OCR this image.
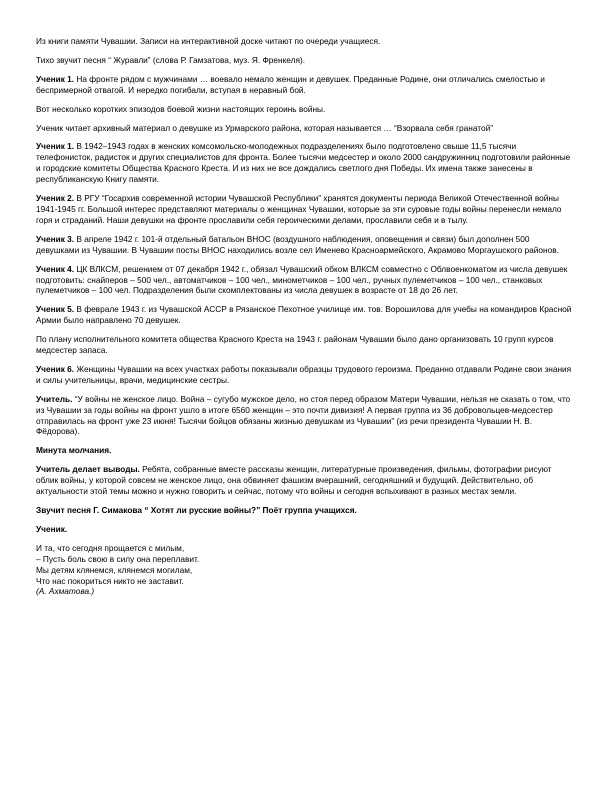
Из книги памяти Чувашии. Записи на интерактивной доске читают по очереди учащиеся.

Тихо звучит песня “ Журавли” (слова Р. Гамзатова, муз. Я. Френкеля).

Ученик 1. На фронте рядом с мужчинами … воевало немало женщин и девушек. Преданные Родине, они отличались смелостью и беспримерной отвагой. И нередко погибали, вступая в неравный бой.

Вот несколько коротких эпизодов боевой жизни настоящих героинь войны.

Ученик читает архивный материал о девушке из Урмарского района, которая называется … “Взорвала себя гранатой”

Ученик 1. В 1942–1943 годах в женских комсомольско-молодежных подразделениях было подготовлено свыше 11,5 тысячи телефонисток, радисток и других специалистов для фронта. Более тысячи медсестер и около 2000 сандружинниц подготовили районные и городские комитеты Общества Красного Креста. И из них не все дождались светлого дня Победы. Их имена также занесены в республиканскую Книгу памяти.

Ученик 2. В РГУ “Госархив современной истории Чувашской Республики” хранятся документы периода Великой Отечественной войны 1941-1945 гг. Большой интерес представляют материалы о женщинах Чувашии, которые за эти суровые годы войны перенесли немало горя и страданий. Наши девушки на фронте прославили себя героическими делами, прославили себя и в тылу.

Ученик 3. В апреле 1942 г. 101-й отдельный батальон ВНОС (воздушного наблюдения, оповещения и связи) был дополнен 500 девушками из Чувашии. В Чувашии посты ВНОС находились возле сел Именево Красноармейского, Акрамово Моргаушского районов.

Ученик 4. ЦК ВЛКСМ, решением от 07 декабря 1942 г., обязал Чувашский обком ВЛКСМ совместно с Облвоенкоматом из числа девушек подготовить: снайперов – 500 чел., автоматчиков – 100 чел., минометчиков – 100 чел., ручных пулеметчиков – 100 чел., станковых пулеметчиков – 100 чел. Подразделения были скомплектованы из числа девушек в возрасте от 18 до 26 лет.

Ученик 5. В феврале 1943 г. из Чувашской АССР в Рязанское Пехотное училище им. тов. Ворошилова для учебы на командиров Красной Армии было направлено 70 девушек.

По плану исполнительного комитета общества Красного Креста на 1943 г. районам Чувашии было дано организовать 10 групп курсов медсестер запаса.

Ученик 6. Женщины Чувашии на всех участках работы показывали образцы трудового героизма. Преданно отдавали Родине свои знания и силы учительницы, врачи, медицинские сестры.

Учитель. “У войны не женское лицо. Война – сугубо мужское дело, но стоя перед образом Матери Чувашии, нельзя не сказать о том, что из Чувашии за годы войны на фронт ушло в итоге 6560 женщин – это почти дивизия! А первая группа из 36 добровольцев-медсестер отправилась на фронт уже 23 июня! Тысячи бойцов обязаны жизнью девушкам из Чувашии” (из речи президента Чувашии Н. В. Фёдорова).

Минута молчания.

Учитель делает выводы. Ребята, собранные вместе рассказы женщин, литературные произведения, фильмы, фотографии рисуют облик войны, у которой совсем не женское лицо, она обвиняет фашизм вчерашний, сегодняшний и будущий. Действительно, об актуальности этой темы можно и нужно говорить и сейчас, потому что войны и сегодня вспыхивают в разных местах земли.

Звучит песня Г. Симакова “ Хотят ли русские войны?” Поёт группа учащихся.

Ученик.

И та, что сегодня прощается с милым,
– Пусть боль свою в силу она переплавит.
Мы детям клянемся, клянемся могилам,
Что нас покориться никто не заставит.
(А. Ахматова.)
